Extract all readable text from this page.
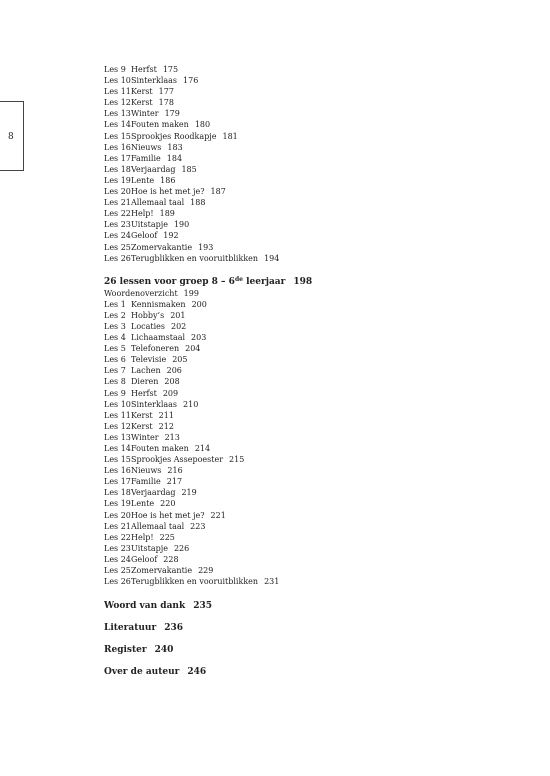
8
Les 9 Herfst 175
Les 10 Sinterklaas 176
Les 11 Kerst 177
Les 12 Kerst 178
Les 13 Winter 179
Les 14 Fouten maken 180
Les 15 Sprookjes Roodkapje 181
Les 16 Nieuws 183
Les 17 Familie 184
Les 18 Verjaardag 185
Les 19 Lente 186
Les 20 Hoe is het met je? 187
Les 21 Allemaal taal 188
Les 22 Help! 189
Les 23 Uitstapje 190
Les 24 Geloof 192
Les 25 Zomervakantie 193
Les 26 Terugblikken en vooruitblikken 194
26 lessen voor groep 8 – 6de leerjaar 198
Woordenoverzicht 199
Les 1 Kennismaken 200
Les 2 Hobby’s 201
Les 3 Locaties 202
Les 4 Lichaamstaal 203
Les 5 Telefoneren 204
Les 6 Televisie 205
Les 7 Lachen 206
Les 8 Dieren 208
Les 9 Herfst 209
Les 10 Sinterklaas 210
Les 11 Kerst 211
Les 12 Kerst 212
Les 13 Winter 213
Les 14 Fouten maken 214
Les 15 Sprookjes Assepoester 215
Les 16 Nieuws 216
Les 17 Familie 217
Les 18 Verjaardag 219
Les 19 Lente 220
Les 20 Hoe is het met je? 221
Les 21 Allemaal taal 223
Les 22 Help! 225
Les 23 Uitstapje 226
Les 24 Geloof 228
Les 25 Zomervakantie 229
Les 26 Terugblikken en vooruitblikken 231
Woord van dank 235
Literatuur 236
Register 240
Over de auteur 246
